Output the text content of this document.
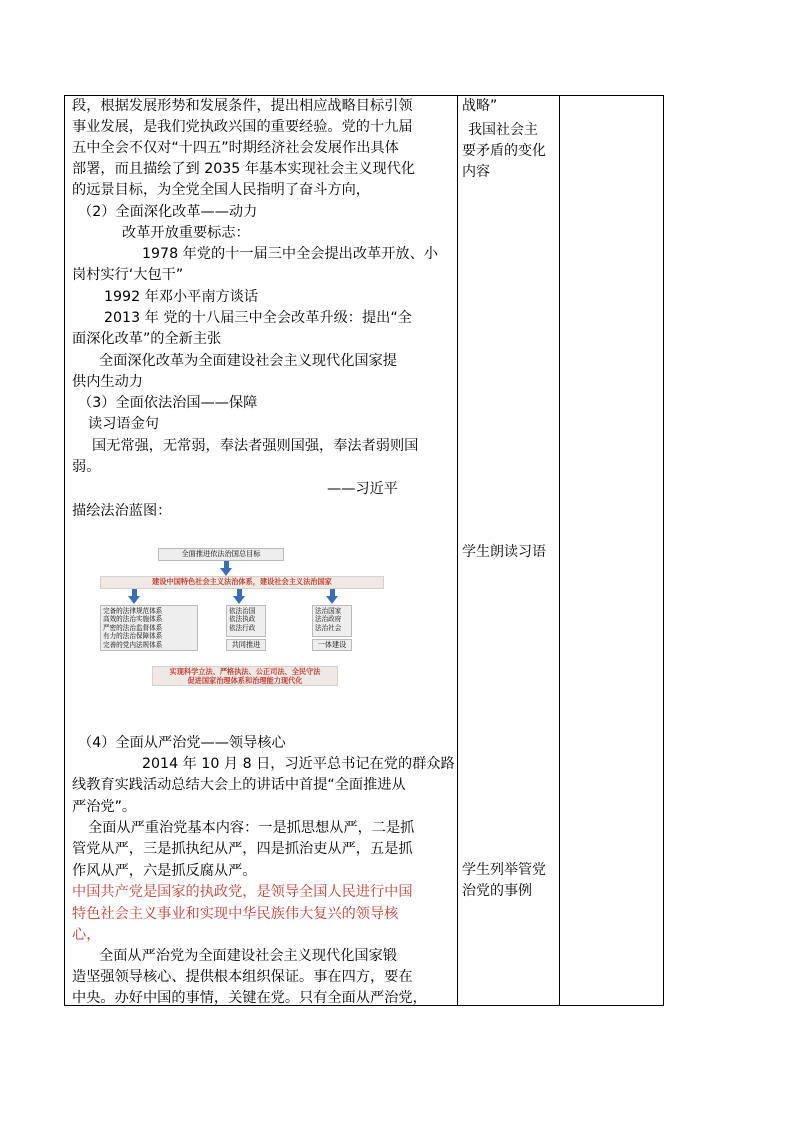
段，根据发展形势和发展条件，提出相应战略目标引领
事业发展，是我们党执政兴国的重要经验。党的十九届
五中全会不仅对“十四五”时期经济社会发展作出具体
部署，而且描绘了到 2035 年基本实现社会主义现代化
的远景目标，为全党全国人民指明了奋斗方向，
（2）全面深化改革——动力
改革开放重要标志：
1978 年党的十一届三中全会提出改革开放、小
岗村实行‘大包干”
1992 年邓小平南方谈话
2013 年 党的十八届三中全会改革升级：提出“全
面深化改革”的全新主张
全面深化改革为全面建设社会主义现代化国家提
供内生动力
（3）全面依法治国——保障
读习语金句
国无常强，无常弱，奉法者强则国强，奉法者弱则国
弱。
——习近平
描绘法治蓝图：
全面推进依法治国总目标
建设中国特色社会主义法治体系，建设社会主义法治国家
完备的法律规范体系
高效的法治实施体系
严密的法治监督体系
有力的法治保障体系
完善的党内法规体系
依法治国
依法执政
依法行政
共同推进
法治国家
法治政府
法治社会
一体建设
实现科学立法、严格执法、公正司法、全民守法
促进国家治理体系和治理能力现代化
（4）全面从严治党——领导核心
2014 年 10 月 8 日，习近平总书记在党的群众路
线教育实践活动总结大会上的讲话中首提“全面推进从
严治党”。
全面从严重治党基本内容：一是抓思想从严，二是抓
管党从严，三是抓执纪从严，四是抓治吏从严，五是抓
作风从严，六是抓反腐从严。
中国共产党是国家的执政党，是领导全国人民进行中国
特色社会主义事业和实现中华民族伟大复兴的领导核
心，
全面从严治党为全面建设社会主义现代化国家锻
造坚强领导核心、提供根本组织保证。事在四方，要在
中央。办好中国的事情，关键在党。只有全面从严治党，
战略”
我国社会主
要矛盾的变化
内容
学生朗读习语
学生列举管党
治党的事例
